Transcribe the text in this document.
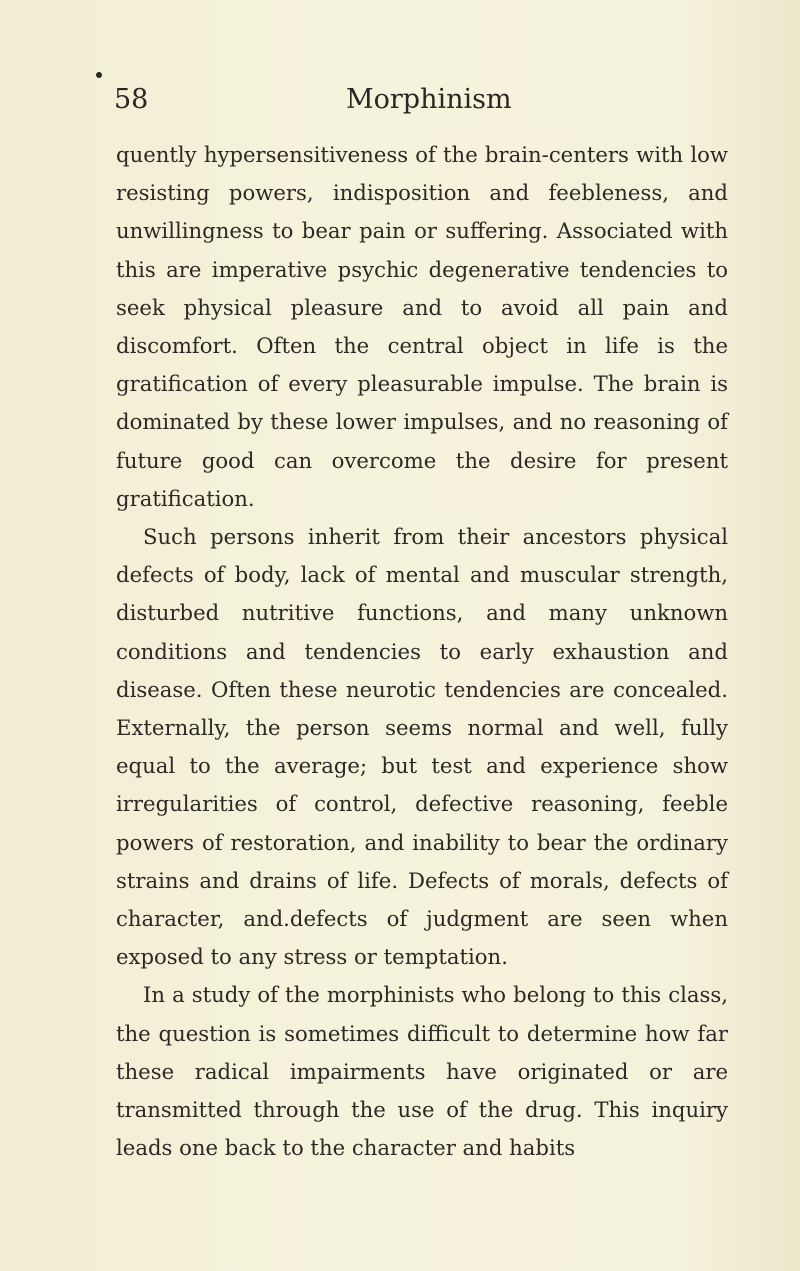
58	Morphinism

quently hypersensitiveness of the brain-centers with low resisting powers, indisposition and feebleness, and unwillingness to bear pain or suffering. Associated with this are imperative psychic degenerative tendencies to seek physical pleasure and to avoid all pain and discomfort. Often the central object in life is the gratification of every pleasurable impulse. The brain is dominated by these lower impulses, and no reasoning of future good can overcome the desire for present gratification.

Such persons inherit from their ancestors physical defects of body, lack of mental and muscular strength, disturbed nutritive functions, and many unknown conditions and tendencies to early exhaustion and disease. Often these neurotic tendencies are concealed. Externally, the person seems normal and well, fully equal to the average; but test and experience show irregularities of control, defective reasoning, feeble powers of restoration, and inability to bear the ordinary strains and drains of life. Defects of morals, defects of character, and.defects of judgment are seen when exposed to any stress or temptation.

In a study of the morphinists who belong to this class, the question is sometimes difficult to determine how far these radical impairments have originated or are transmitted through the use of the drug. This inquiry leads one back to the character and habits
